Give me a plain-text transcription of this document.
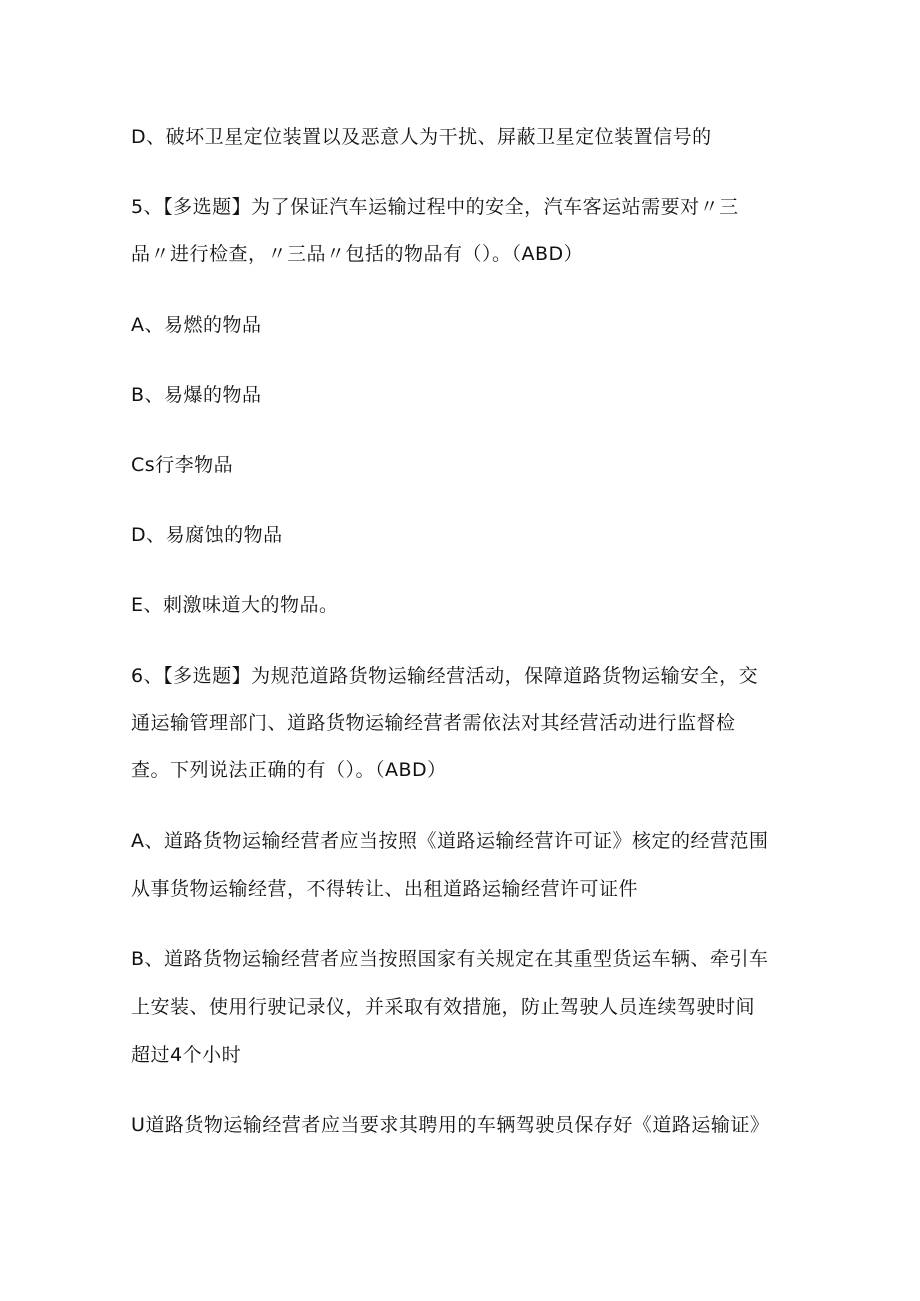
D、破坏卫星定位装置以及恶意人为干扰、屏蔽卫星定位装置信号的
5、【多选题】为了保证汽车运输过程中的安全，汽车客运站需要对〃三
品〃进行检查，〃三品〃包括的物品有（）。（ABD）
A、易燃的物品
B、易爆的物品
Cs行李物品
D、易腐蚀的物品
E、刺激味道大的物品。
6、【多选题】为规范道路货物运输经营活动，保障道路货物运输安全，交
通运输管理部门、道路货物运输经营者需依法对其经营活动进行监督检
查。下列说法正确的有（）。（ABD）
A、道路货物运输经营者应当按照《道路运输经营许可证》核定的经营范围
从事货物运输经营，不得转让、出租道路运输经营许可证件
B、道路货物运输经营者应当按照国家有关规定在其重型货运车辆、牵引车
上安装、使用行驶记录仪，并采取有效措施，防止驾驶人员连续驾驶时间
超过4个小时
U道路货物运输经营者应当要求其聘用的车辆驾驶员保存好《道路运输证》
